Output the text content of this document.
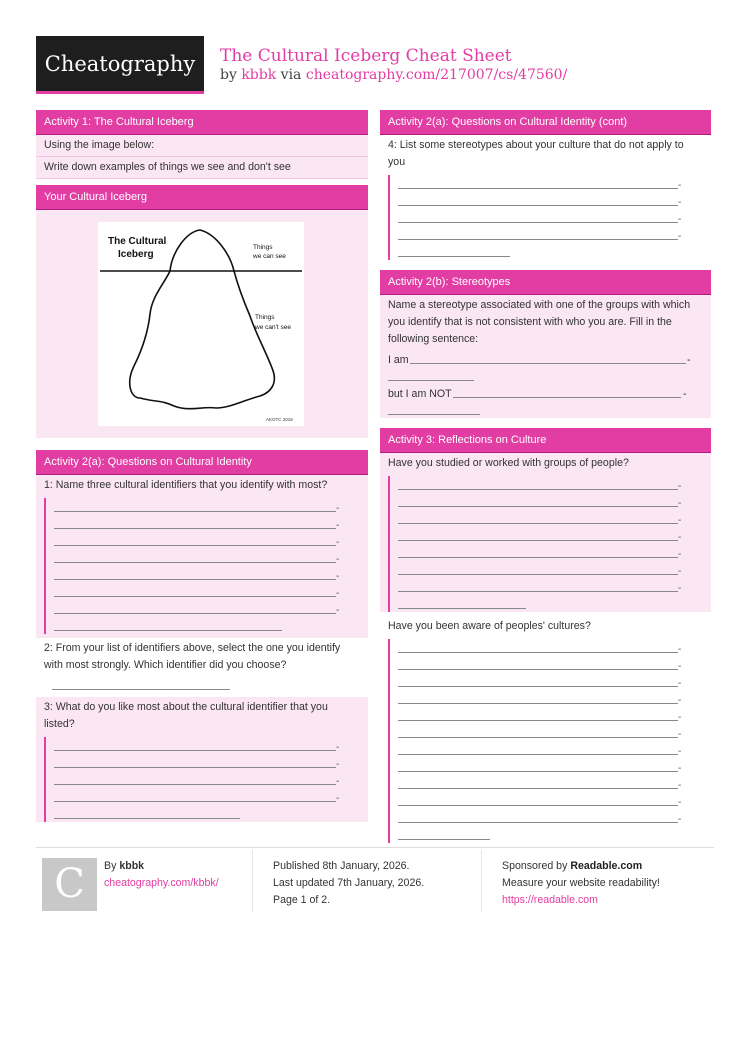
Cheatography	The Cultural Iceberg Cheat Sheet
by kbbk via cheatography.com/217007/cs/47560/
Activity 1: The Cultural Iceberg
Using the image below:
Write down examples of things we see and don't see
Your Cultural Iceberg
The Cultural
Iceberg
Things
we can see
Things
we can't see
AKOTC 2018
Activity 2(a): Questions on Cultural Identity
1: Name three cultural identifiers that you identify with most?
-
-
-
-
-
-
-
2: From your list of identifiers above, select the one you identify with most strongly. Which identifier did you choose?
3: What do you like most about the cultural identifier that you listed?
-
-
-
-
Activity 2(a): Questions on Cultural Identity (cont)
4: List some stereotypes about your culture that do not apply to you
-
-
-
-
Activity 2(b): Stereotypes
Name a stereotype associated with one of the groups with which you identify that is not consistent with who you are. Fill in the following sentence:
I am	-
but I am NOT	-
Activity 3: Reflections on Culture
Have you studied or worked with groups of people?
-
-
-
-
-
-
-
Have you been aware of peoples' cultures?
-
-
-
-
-
-
-
-
-
-
-
C	By kbbk
cheatography.com/kbbk/
Published 8th January, 2026.
Last updated 7th January, 2026.
Page 1 of 2.
Sponsored by Readable.com
Measure your website readability!
https://readable.com
